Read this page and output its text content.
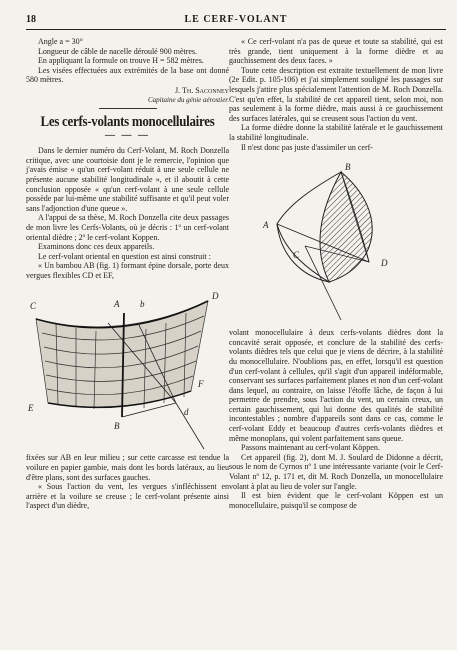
18	LE CERF-VOLANT

Angle a = 30°

Longueur de câble de nacelle déroulé 900 mètres.

En appliquant la formule on trouve H = 582 mètres.

Les visées effectuées aux extrémités de la base ont donné 580 mètres.

J. Th. Saconney

Capitaine du génie aérostier.

Les cerfs-volants monocellulaires
— — —

Dans le dernier numéro du Cerf-Volant, M. Roch Donzella critique, avec une courtoisie dont je le remercie, l'opinion que j'avais émise « qu'un cerf-volant réduit à une seule cellule ne présente aucune stabilité longitudinale », et il aboutit à cette conclusion opposée « qu'un cerf-volant à une seule cellule possède par lui-même une stabilité suffisante et qu'il peut voler sans l'adjonction d'une queue ».

A l'appui de sa thèse, M. Roch Donzella cite deux passages de mon livre les Cerfs-Volants, où je décris : 1º un cerf-volant oriental dièdre ; 2º le cerf-volant Koppen.

Examinons donc ces deux appareils.

Le cerf-volant oriental en question est ainsi construit :

« Un bambou AB (fig. 1) formant épine dorsale, porte deux vergues flexibles CD et EF,

C	A b
D
E
F
B
d

fixées sur AB en leur milieu ; sur cette carcasse est tendue la voilure en papier gambie, mais dont les bords latéraux, au lieu d'être plans, sont des surfaces gauches.

« Sous l'action du vent, les vergues s'infléchissent en arrière et la voilure se creuse ; le cerf-volant présente ainsi l'aspect d'un dièdre,

« Ce cerf-volant n'a pas de queue et toute sa stabilité, qui est très grande, tient uniquement à la forme dièdre et au gauchissement des deux faces. »

Toute cette description est extraite textuellement de mon livre (2e Edit. p. 105-106) et j'ai simplement souligné les passages sur lesquels j'attire plus spécialement l'attention de M. Roch Donzella. C'est qu'en effet, la stabilité de cet appareil tient, selon moi, non pas seulement à la forme dièdre, mais aussi à ce gauchissement des surfaces latérales, qui se creusent sous l'action du vent.

La forme dièdre donne la stabilité latérale et le gauchissement la stabilité longitudinale.

Il n'est donc pas juste d'assimiler un cerf-

A
B
C
D

volant monocellulaire à deux cerfs-volants dièdres dont la concavité serait opposée, et conclure de la stabilité des cerfs-volants dièdres tels que celui que je viens de décrire, à la stabilité du monocellulaire. N'oublions pas, en effet, lorsqu'il est question d'un cerf-volant à cellules, qu'il s'agit d'un appareil indéformable, conservant ses surfaces parfaitement planes et non d'un cerf-volant dans lequel, au contraire, on laisse l'étoffe lâche, de façon à lui permettre de prendre, sous l'action du vent, un certain creux, un certain gauchissement, qui lui donne des qualités de stabilité incontestables ; nombre d'appareils sont dans ce cas, comme le cerf-volant Eddy et beaucoup d'autres cerfs-volants dièdres et même monoplans, qui volent parfaitement sans queue.

Passons maintenant au cerf-volant Köppen.

Cet appareil (fig. 2), dont M. J. Soulard de Didonne a décrit, sous le nom de Cyrnos nº 1 une intéressante variante (voir le Cerf-Volant nº 12, p. 171 et, dit M. Roch Donzella, un monocellulaire volant à plat au lieu de voler sur l'angle.

Il est bien évident que le cerf-volant Köppen est un monocellulaire, puisqu'il se compose de
